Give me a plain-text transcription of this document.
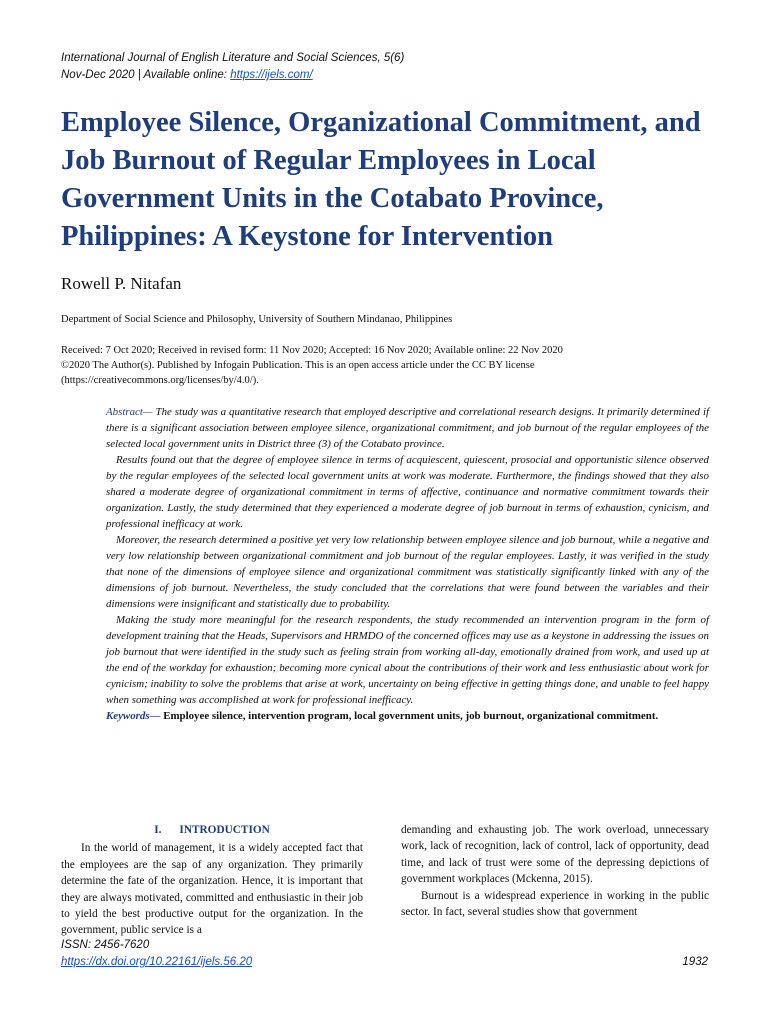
International Journal of English Literature and Social Sciences, 5(6)
Nov-Dec 2020 | Available online: https://ijels.com/
Employee Silence, Organizational Commitment, and Job Burnout of Regular Employees in Local Government Units in the Cotabato Province, Philippines: A Keystone for Intervention
Rowell P. Nitafan
Department of Social Science and Philosophy, University of Southern Mindanao, Philippines
Received: 7 Oct 2020; Received in revised form: 11 Nov 2020; Accepted: 16 Nov 2020; Available online: 22 Nov 2020
©2020 The Author(s). Published by Infogain Publication. This is an open access article under the CC BY license
(https://creativecommons.org/licenses/by/4.0/).

Abstract— The study was a quantitative research that employed descriptive and correlational research designs. It primarily determined if there is a significant association between employee silence, organizational commitment, and job burnout of the regular employees of the selected local government units in District three (3) of the Cotabato province.

Results found out that the degree of employee silence in terms of acquiescent, quiescent, prosocial and opportunistic silence observed by the regular employees of the selected local government units at work was moderate. Furthermore, the findings showed that they also shared a moderate degree of organizational commitment in terms of affective, continuance and normative commitment towards their organization. Lastly, the study determined that they experienced a moderate degree of job burnout in terms of exhaustion, cynicism, and professional inefficacy at work.

Moreover, the research determined a positive yet very low relationship between employee silence and job burnout, while a negative and very low relationship between organizational commitment and job burnout of the regular employees. Lastly, it was verified in the study that none of the dimensions of employee silence and organizational commitment was statistically significantly linked with any of the dimensions of job burnout. Nevertheless, the study concluded that the correlations that were found between the variables and their dimensions were insignificant and statistically due to probability.

Making the study more meaningful for the research respondents, the study recommended an intervention program in the form of development training that the Heads, Supervisors and HRMDO of the concerned offices may use as a keystone in addressing the issues on job burnout that were identified in the study such as feeling strain from working all-day, emotionally drained from work, and used up at the end of the workday for exhaustion; becoming more cynical about the contributions of their work and less enthusiastic about work for cynicism; inability to solve the problems that arise at work, uncertainty on being effective in getting things done, and unable to feel happy when something was accomplished at work for professional inefficacy.

Keywords— Employee silence, intervention program, local government units, job burnout, organizational commitment.

I. INTRODUCTION

In the world of management, it is a widely accepted fact that the employees are the sap of any organization. They primarily determine the fate of the organization. Hence, it is important that they are always motivated, committed and enthusiastic in their job to yield the best productive output for the organization. In the government, public service is a

demanding and exhausting job. The work overload, unnecessary work, lack of recognition, lack of control, lack of opportunity, dead time, and lack of trust were some of the depressing depictions of government workplaces (Mckenna, 2015).

Burnout is a widespread experience in working in the public sector. In fact, several studies show that government

ISSN: 2456-7620
https://dx.doi.org/10.22161/ijels.56.20	1932
